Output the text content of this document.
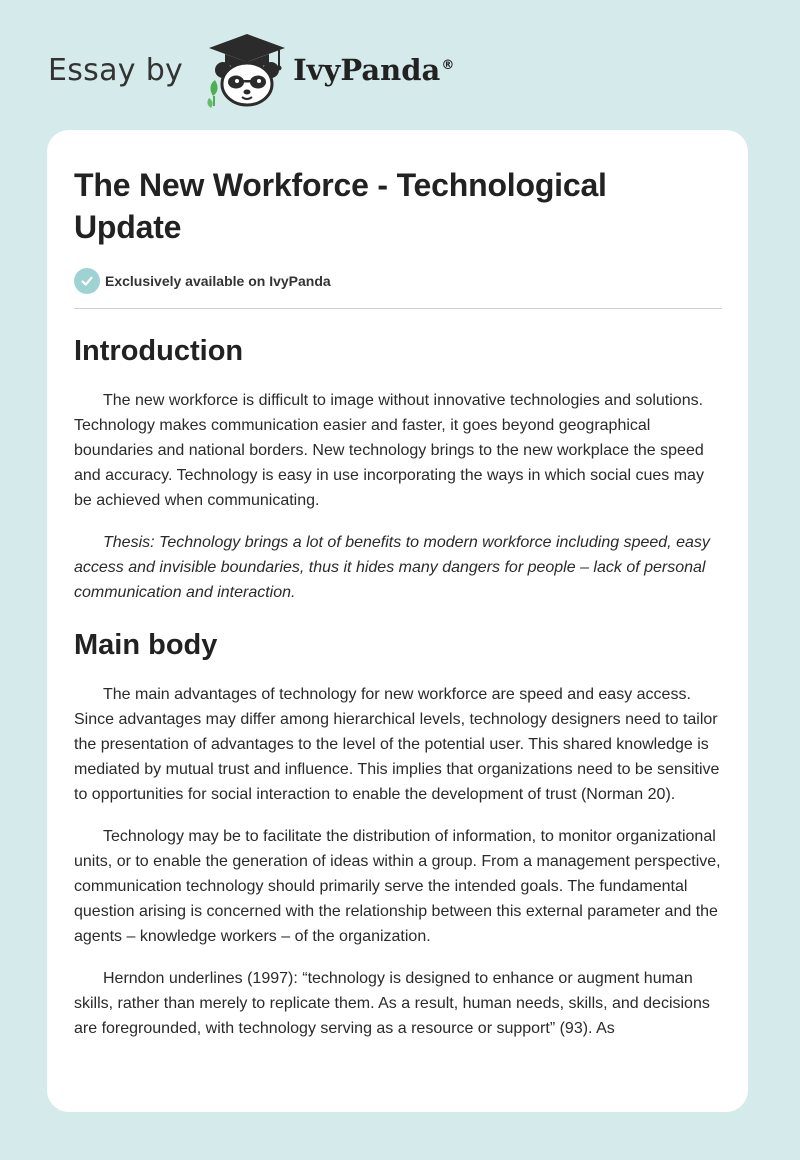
Essay by	IvyPanda®
The New Workforce - Technological Update
Exclusively available on IvyPanda
Introduction

The new workforce is difficult to image without innovative technologies and solutions. Technology makes communication easier and faster, it goes beyond geographical boundaries and national borders. New technology brings to the new workplace the speed and accuracy. Technology is easy in use incorporating the ways in which social cues may be achieved when communicating.

Thesis: Technology brings a lot of benefits to modern workforce including speed, easy access and invisible boundaries, thus it hides many dangers for people – lack of personal communication and interaction.

Main body

The main advantages of technology for new workforce are speed and easy access. Since advantages may differ among hierarchical levels, technology designers need to tailor the presentation of advantages to the level of the potential user. This shared knowledge is mediated by mutual trust and influence. This implies that organizations need to be sensitive to opportunities for social interaction to enable the development of trust (Norman 20).

Technology may be to facilitate the distribution of information, to monitor organizational units, or to enable the generation of ideas within a group. From a management perspective, communication technology should primarily serve the intended goals. The fundamental question arising is concerned with the relationship between this external parameter and the agents – knowledge workers – of the organization.

Herndon underlines (1997): “technology is designed to enhance or augment human skills, rather than merely to replicate them. As a result, human needs, skills, and decisions are foregrounded, with technology serving as a resource or support” (93). As
